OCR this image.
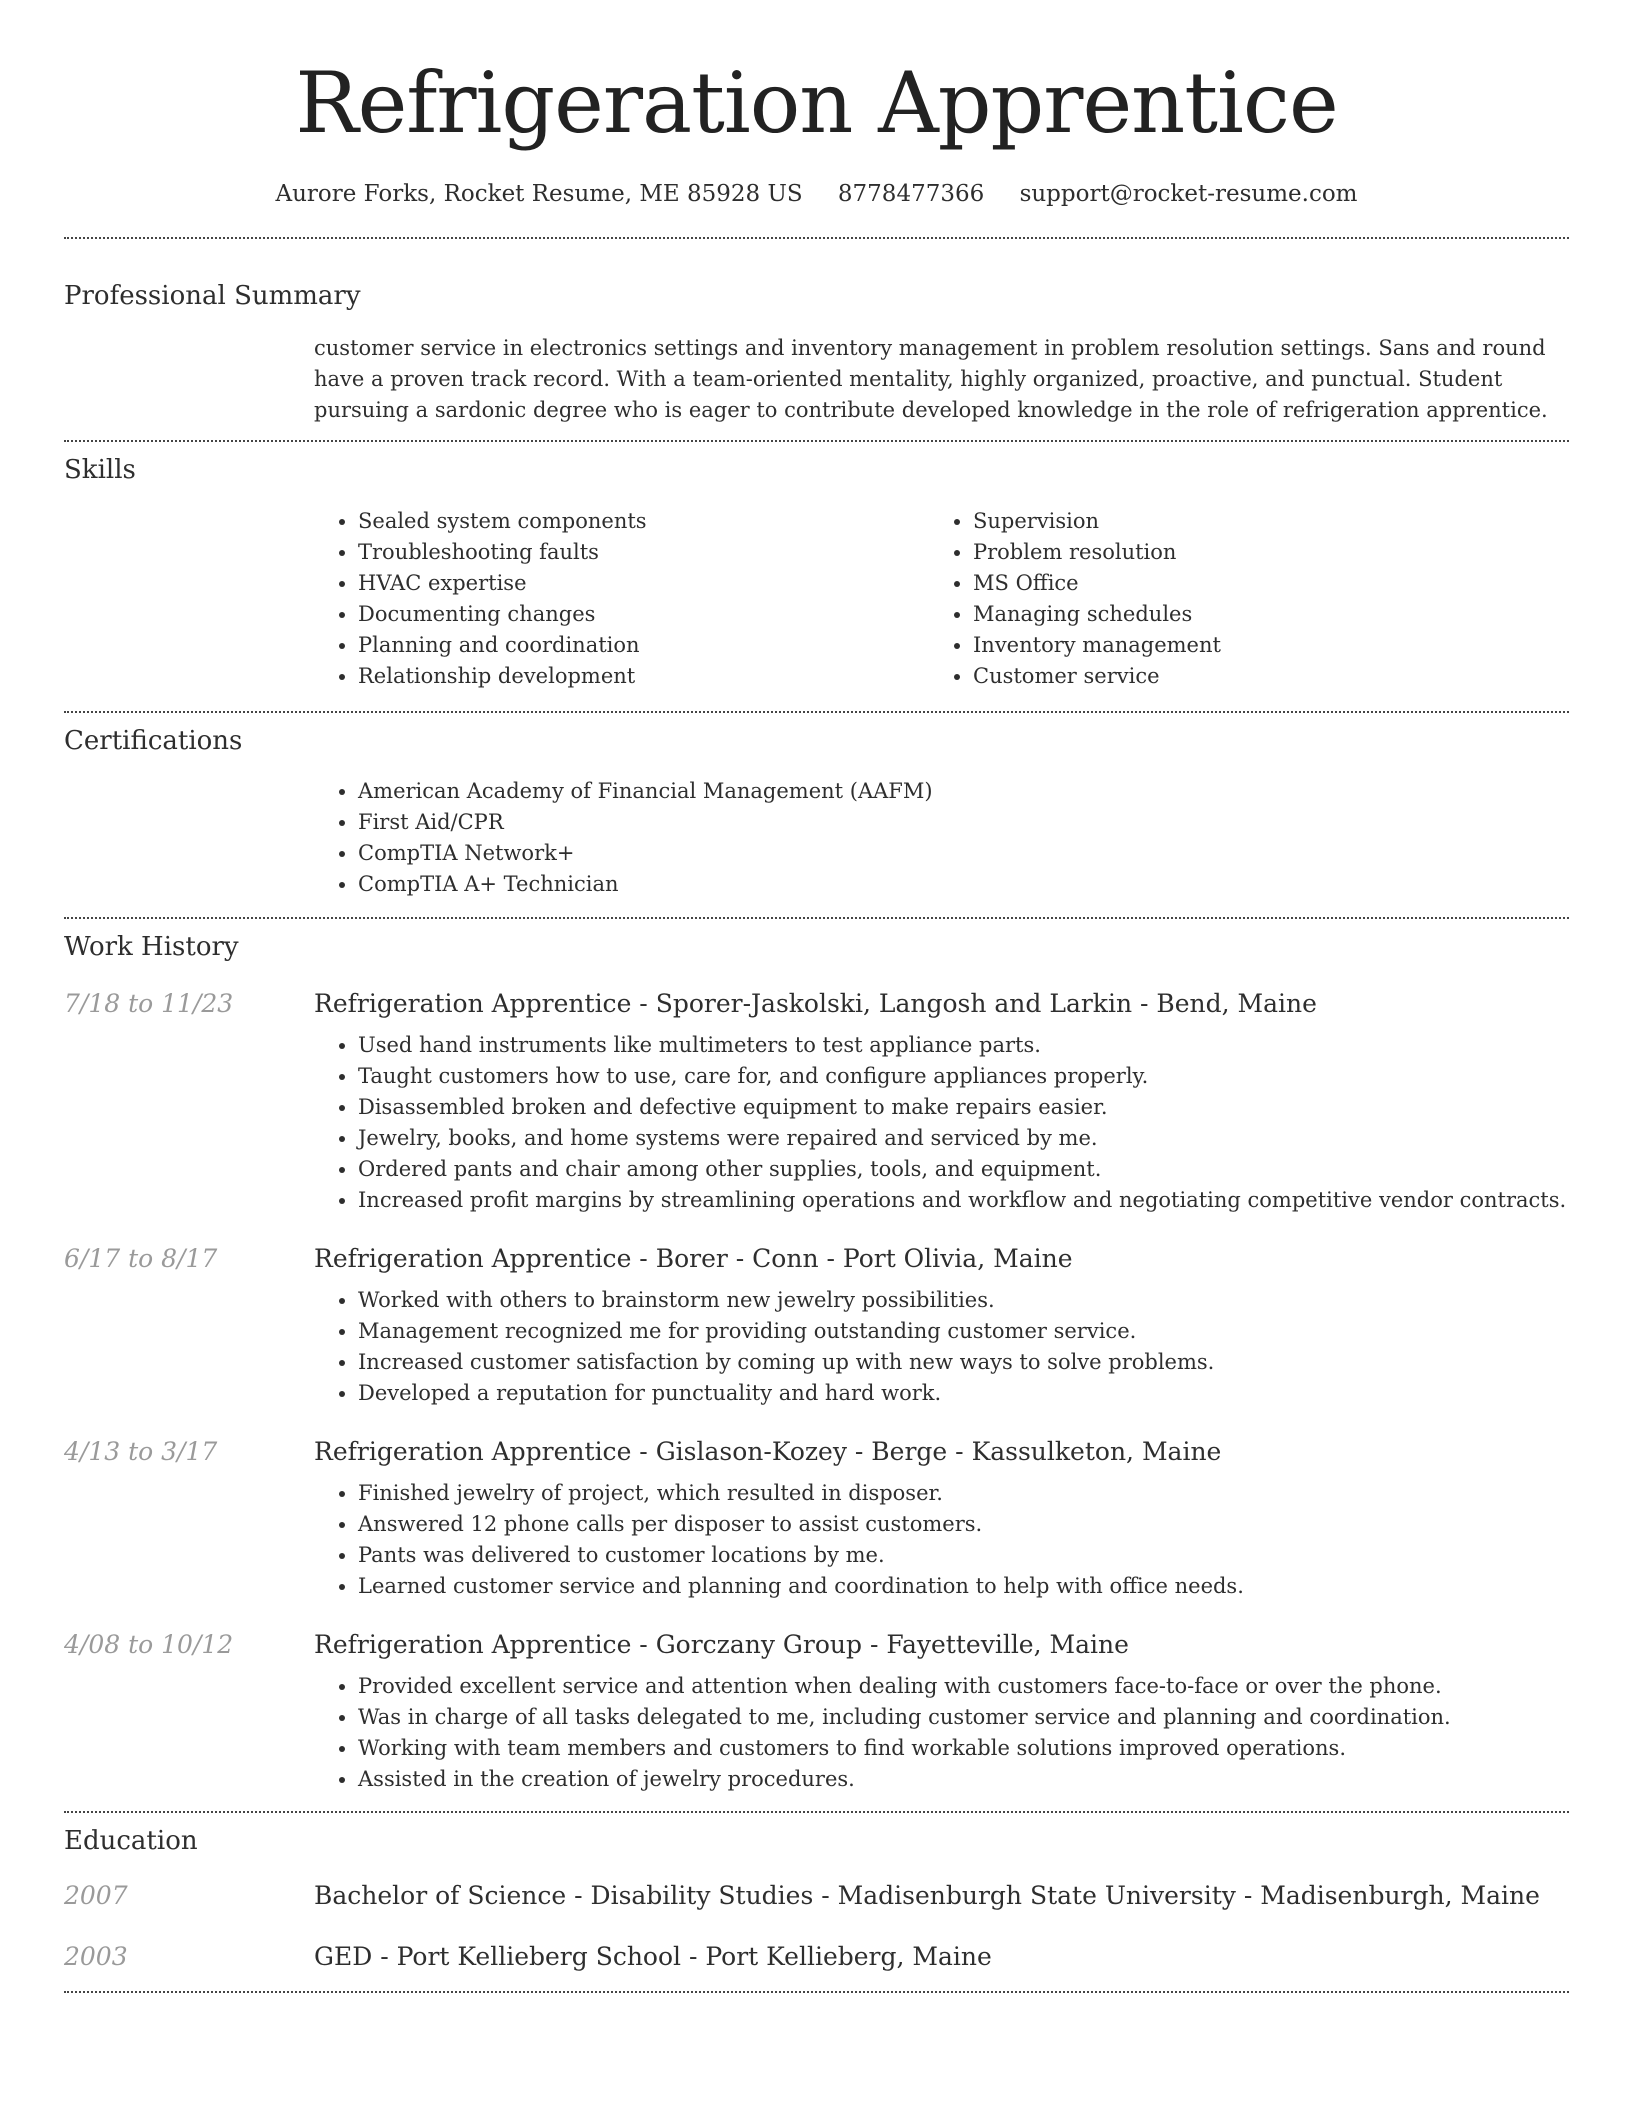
Refrigeration Apprentice
Aurore Forks, Rocket Resume, ME 85928 US 8778477366 support@rocket-resume.com
Professional Summary
customer service in electronics settings and inventory management in problem resolution settings. Sans and round have a proven track record. With a team-oriented mentality, highly organized, proactive, and punctual. Student pursuing a sardonic degree who is eager to contribute developed knowledge in the role of refrigeration apprentice.
Skills
• Sealed system components
• Troubleshooting faults
• HVAC expertise
• Documenting changes
• Planning and coordination
• Relationship development
• Supervision
• Problem resolution
• MS Office
• Managing schedules
• Inventory management
• Customer service
Certifications
• American Academy of Financial Management (AAFM)
• First Aid/CPR
• CompTIA Network+
• CompTIA A+ Technician
Work History
7/18 to 11/23	Refrigeration Apprentice - Sporer-Jaskolski, Langosh and Larkin - Bend, Maine
• Used hand instruments like multimeters to test appliance parts.
• Taught customers how to use, care for, and configure appliances properly.
• Disassembled broken and defective equipment to make repairs easier.
• Jewelry, books, and home systems were repaired and serviced by me.
• Ordered pants and chair among other supplies, tools, and equipment.
• Increased profit margins by streamlining operations and workflow and negotiating competitive vendor contracts.
6/17 to 8/17	Refrigeration Apprentice - Borer - Conn - Port Olivia, Maine
• Worked with others to brainstorm new jewelry possibilities.
• Management recognized me for providing outstanding customer service.
• Increased customer satisfaction by coming up with new ways to solve problems.
• Developed a reputation for punctuality and hard work.
4/13 to 3/17	Refrigeration Apprentice - Gislason-Kozey - Berge - Kassulketon, Maine
• Finished jewelry of project, which resulted in disposer.
• Answered 12 phone calls per disposer to assist customers.
• Pants was delivered to customer locations by me.
• Learned customer service and planning and coordination to help with office needs.
4/08 to 10/12	Refrigeration Apprentice - Gorczany Group - Fayetteville, Maine
• Provided excellent service and attention when dealing with customers face-to-face or over the phone.
• Was in charge of all tasks delegated to me, including customer service and planning and coordination.
• Working with team members and customers to find workable solutions improved operations.
• Assisted in the creation of jewelry procedures.
Education
2007	Bachelor of Science - Disability Studies - Madisenburgh State University - Madisenburgh, Maine
2003	GED - Port Kellieberg School - Port Kellieberg, Maine
